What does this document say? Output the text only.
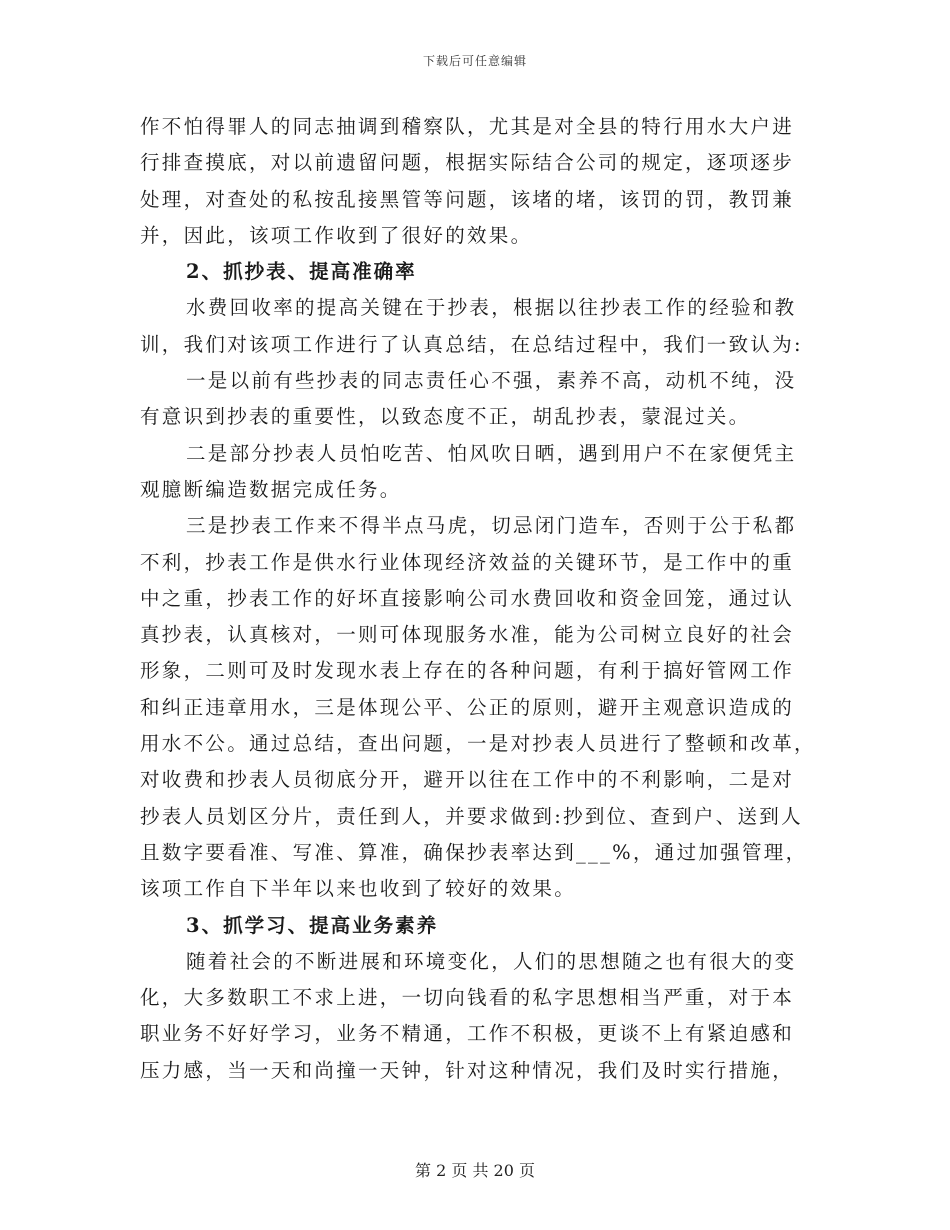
下载后可任意编辑
作不怕得罪人的同志抽调到稽察队，尤其是对全县的特行用水大户进
行排查摸底，对以前遗留问题，根据实际结合公司的规定，逐项逐步
处理，对查处的私按乱接黑管等问题，该堵的堵，该罚的罚，教罚兼
并，因此，该项工作收到了很好的效果。
2、抓抄表、提高准确率
水费回收率的提高关键在于抄表，根据以往抄表工作的经验和教
训，我们对该项工作进行了认真总结，在总结过程中，我们一致认为:
一是以前有些抄表的同志责任心不强，素养不高，动机不纯，没
有意识到抄表的重要性，以致态度不正，胡乱抄表，蒙混过关。
二是部分抄表人员怕吃苦、怕风吹日晒，遇到用户不在家便凭主
观臆断编造数据完成任务。
三是抄表工作来不得半点马虎，切忌闭门造车，否则于公于私都
不利，抄表工作是供水行业体现经济效益的关键环节，是工作中的重
中之重，抄表工作的好坏直接影响公司水费回收和资金回笼，通过认
真抄表，认真核对，一则可体现服务水准，能为公司树立良好的社会
形象，二则可及时发现水表上存在的各种问题，有利于搞好管网工作
和纠正违章用水，三是体现公平、公正的原则，避开主观意识造成的
用水不公。通过总结，查出问题，一是对抄表人员进行了整顿和改革，
对收费和抄表人员彻底分开，避开以往在工作中的不利影响，二是对
抄表人员划区分片，责任到人，并要求做到:抄到位、查到户、送到人
且数字要看准、写准、算准，确保抄表率达到___%，通过加强管理，
该项工作自下半年以来也收到了较好的效果。
3、抓学习、提高业务素养
随着社会的不断进展和环境变化，人们的思想随之也有很大的变
化，大多数职工不求上进，一切向钱看的私字思想相当严重，对于本
职业务不好好学习，业务不精通，工作不积极，更谈不上有紧迫感和
压力感，当一天和尚撞一天钟，针对这种情况，我们及时实行措施，
第 2 页 共 20 页
